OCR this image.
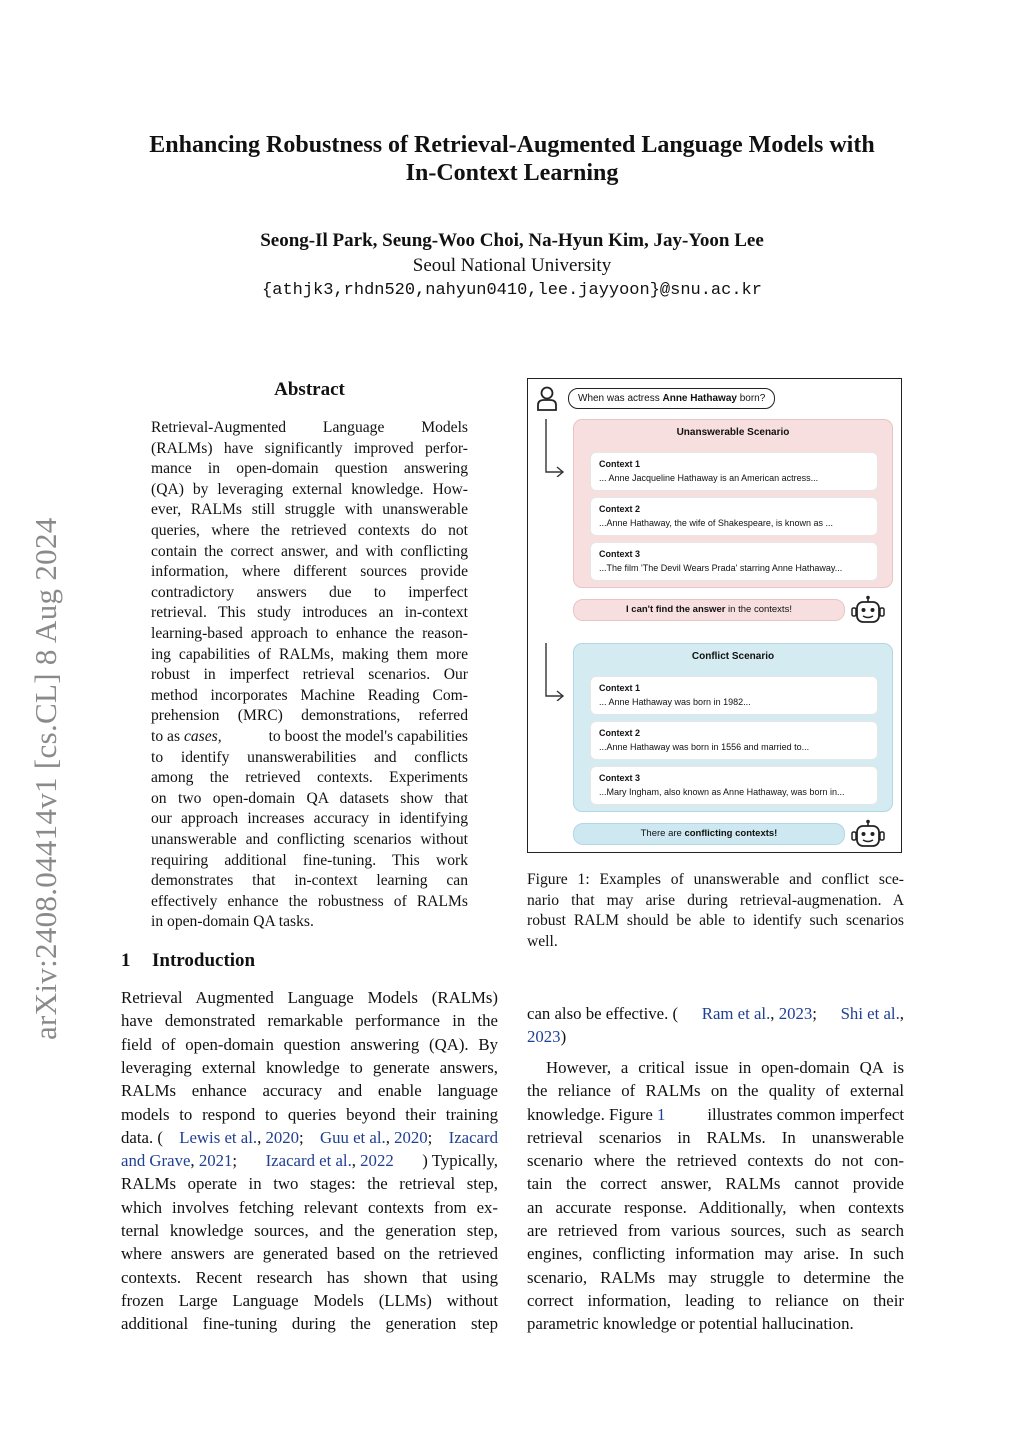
Enhancing Robustness of Retrieval-Augmented Language Models with
In-Context Learning
Seong-Il Park, Seung-Woo Choi, Na-Hyun Kim, Jay-Yoon Lee
Seoul National University
{athjk3,rhdn520,nahyun0410,lee.jayyoon}@snu.ac.kr
arXiv:2408.04414v1 [cs.CL] 8 Aug 2024
Abstract
Retrieval-Augmented Language Models
(RALMs) have significantly improved perfor-
mance in open-domain question answering
(QA) by leveraging external knowledge. How-
ever, RALMs still struggle with unanswerable
queries, where the retrieved contexts do not
contain the correct answer, and with conflicting
information, where different sources provide
contradictory answers due to imperfect
retrieval. This study introduces an in-context
learning-based approach to enhance the reason-
ing capabilities of RALMs, making them more
robust in imperfect retrieval scenarios. Our
method incorporates Machine Reading Com-
prehension (MRC) demonstrations, referred
to as cases,	to boost the model's capabilities
to identify unanswerabilities and conflicts
among the retrieved contexts. Experiments
on two open-domain QA datasets show that
our approach increases accuracy in identifying
unanswerable and conflicting scenarios without
requiring additional fine-tuning. This work
demonstrates that in-context learning can
effectively enhance the robustness of RALMs
in open-domain QA tasks.
1 Introduction
Retrieval Augmented Language Models (RALMs)
have demonstrated remarkable performance in the
field of open-domain question answering (QA). By
leveraging external knowledge to generate answers,
RALMs enhance accuracy and enable language
models to respond to queries beyond their training
data. ( Lewis et al., 2020; Guu et al., 2020; Izacard
and Grave, 2021; Izacard et al., 2022 ) Typically,
RALMs operate in two stages: the retrieval step,
which involves fetching relevant contexts from ex-
ternal knowledge sources, and the generation step,
where answers are generated based on the retrieved
contexts. Recent research has shown that using
frozen Large Language Models (LLMs) without
additional fine-tuning during the generation step
When was actress Anne Hathaway born?
Unanswerable Scenario
Context 1
... Anne Jacqueline Hathaway is an American actress...
Context 2
...Anne Hathaway, the wife of Shakespeare, is known as ...
Context 3
...The film 'The Devil Wears Prada' starring Anne Hathaway...
I can't find the answer in the contexts!
Conflict Scenario
Context 1
... Anne Hathaway was born in 1982...
Context 2
...Anne Hathaway was born in 1556 and married to...
Context 3
...Mary Ingham, also known as Anne Hathaway, was born in...
There are conflicting contexts!
Figure 1: Examples of unanswerable and conflict sce-
nario that may arise during retrieval-augmenation. A
robust RALM should be able to identify such scenarios
well.
can also be effective. ( Ram et al., 2023; Shi et al.,
2023)
However, a critical issue in open-domain QA is
the reliance of RALMs on the quality of external
knowledge. Figure 1 illustrates common imperfect
retrieval scenarios in RALMs. In unanswerable
scenario where the retrieved contexts do not con-
tain the correct answer, RALMs cannot provide
an accurate response. Additionally, when contexts
are retrieved from various sources, such as search
engines, conflicting information may arise. In such
scenario, RALMs may struggle to determine the
correct information, leading to reliance on their
parametric knowledge or potential hallucination.
